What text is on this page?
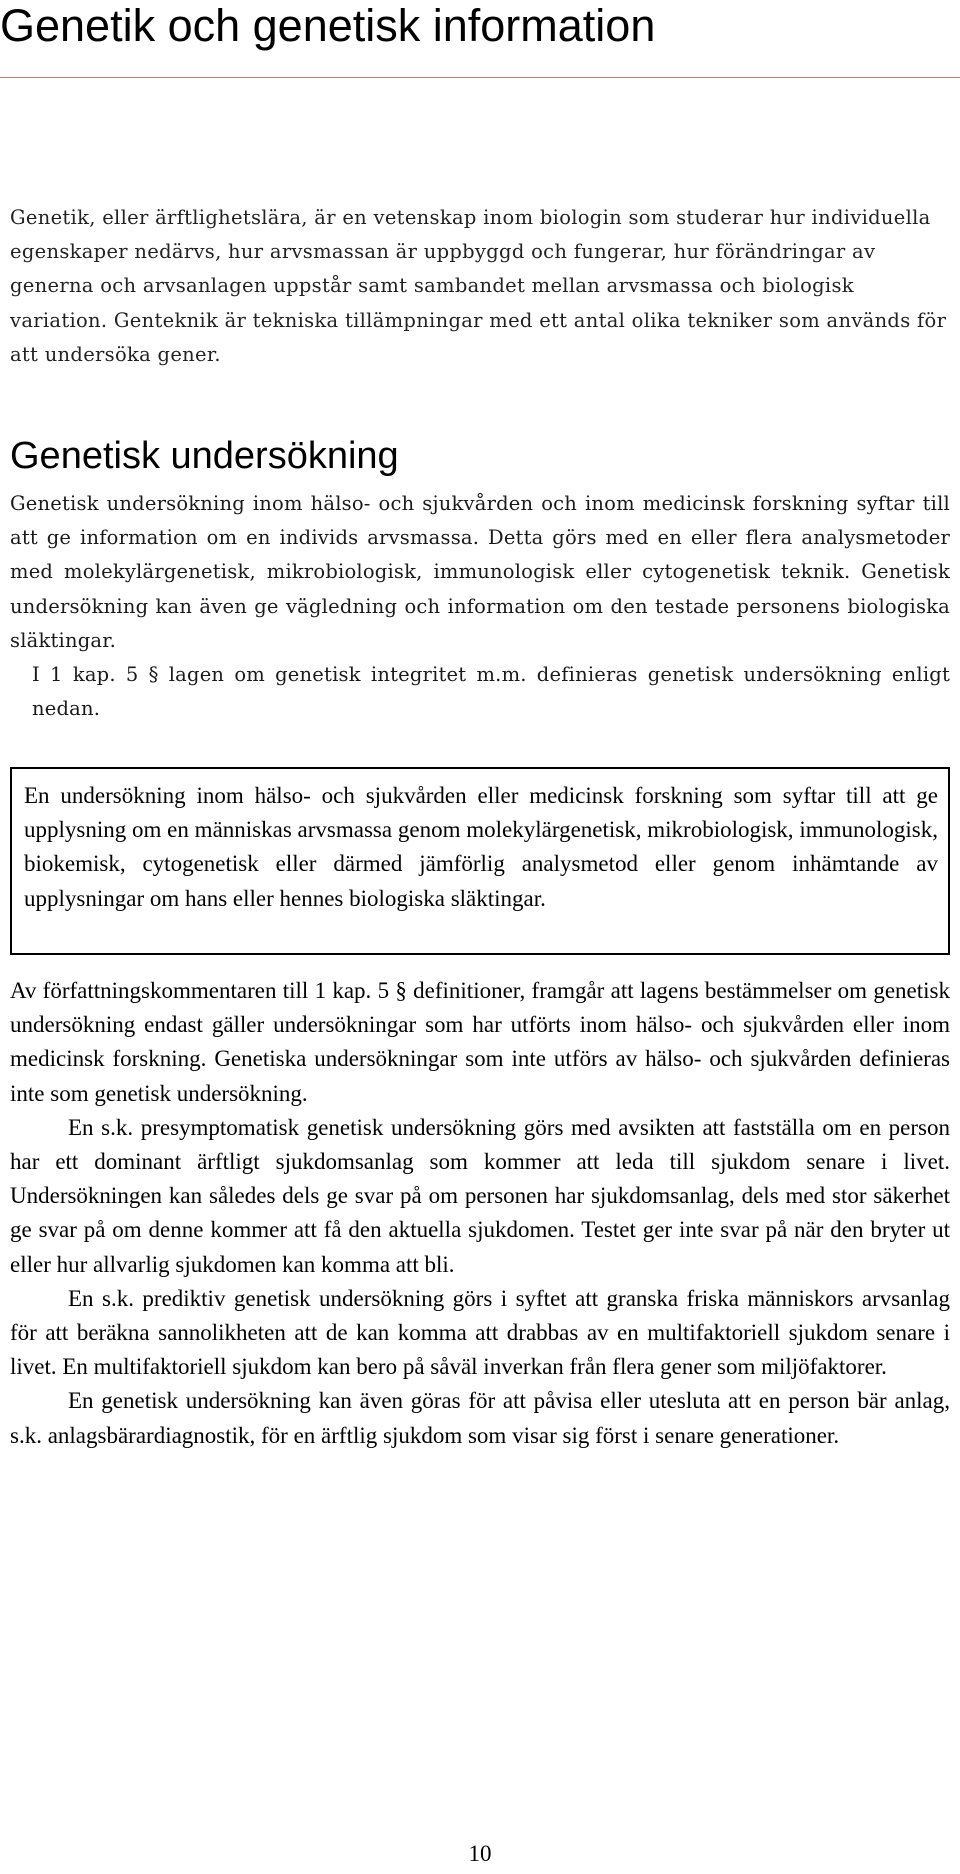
Genetik och genetisk information

Genetik, eller ärftlighetslära, är en vetenskap inom biologin som studerar hur individuella egenskaper nedärvs, hur arvsmassan är uppbyggd och fungerar, hur förändringar av generna och arvsanlagen uppstår samt sambandet mellan arvsmassa och biologisk variation. Genteknik är tekniska tillämpningar med ett antal olika tekniker som används för att undersöka gener.

Genetisk undersökning

Genetisk undersökning inom hälso- och sjukvården och inom medicinsk forskning syftar till att ge information om en individs arvsmassa. Detta görs med en eller flera analysmetoder med molekylärgenetisk, mikrobiologisk, immunologisk eller cytogenetisk teknik. Genetisk undersökning kan även ge vägledning och information om den testade personens biologiska släktingar.

I 1 kap. 5 § lagen om genetisk integritet m.m. definieras genetisk undersökning enligt nedan.

En undersökning inom hälso- och sjukvården eller medicinsk forskning som syftar till att ge upplysning om en människas arvsmassa genom molekylärgenetisk, mikrobiologisk, immunologisk, biokemisk, cytogenetisk eller därmed jämförlig analysmetod eller genom inhämtande av upplysningar om hans eller hennes biologiska släktingar.

Av författningskommentaren till 1 kap. 5 § definitioner, framgår att lagens bestämmelser om genetisk undersökning endast gäller undersökningar som har utförts inom hälso- och sjukvården eller inom medicinsk forskning. Genetiska undersökningar som inte utförs av hälso- och sjukvården definieras inte som genetisk undersökning.

En s.k. presymptomatisk genetisk undersökning görs med avsikten att fastställa om en person har ett dominant ärftligt sjukdomsanlag som kommer att leda till sjukdom senare i livet. Undersökningen kan således dels ge svar på om personen har sjukdomsanlag, dels med stor säkerhet ge svar på om denne kommer att få den aktuella sjukdomen. Testet ger inte svar på när den bryter ut eller hur allvarlig sjukdomen kan komma att bli.

En s.k. prediktiv genetisk undersökning görs i syftet att granska friska människors arvsanlag för att beräkna sannolikheten att de kan komma att drabbas av en multifaktoriell sjukdom senare i livet. En multifaktoriell sjukdom kan bero på såväl inverkan från flera gener som miljöfaktorer.

En genetisk undersökning kan även göras för att påvisa eller utesluta att en person bär anlag, s.k. anlagsbärardiagnostik, för en ärftlig sjukdom som visar sig först i senare generationer.

10
